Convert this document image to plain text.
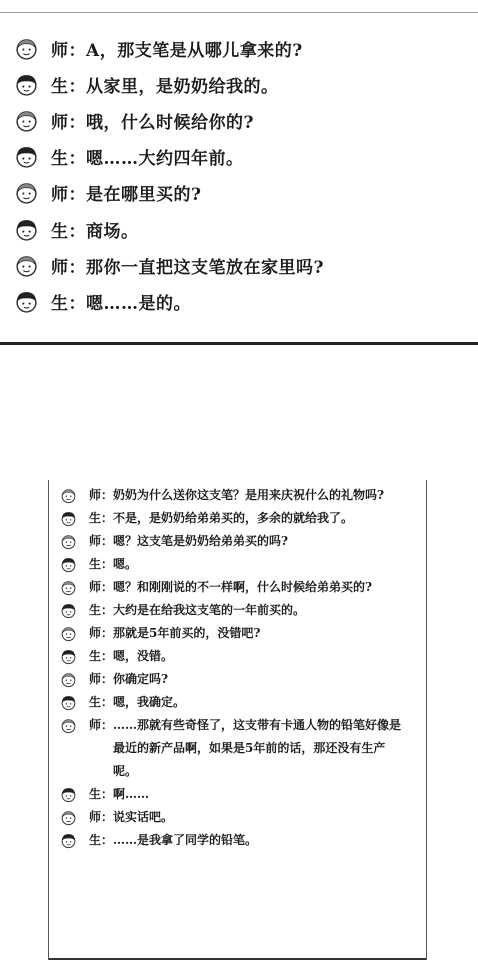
师： A，那支笔是从哪儿拿来的?
生： 从家里，是奶奶给我的。
师： 哦，什么时候给你的?
生： 嗯……大约四年前。
师： 是在哪里买的?
生： 商场。
师： 那你一直把这支笔放在家里吗?
生： 嗯……是的。
师： 奶奶为什么送你这支笔？是用来庆祝什么的礼物吗?
生： 不是，是奶奶给弟弟买的，多余的就给我了。
师： 嗯？这支笔是奶奶给弟弟买的吗?
生： 嗯。
师： 嗯？和刚刚说的不一样啊，什么时候给弟弟买的?
生： 大约是在给我这支笔的一年前买的。
师： 那就是5年前买的，没错吧?
生： 嗯，没错。
师： 你确定吗?
生： 嗯，我确定。
师： ……那就有些奇怪了，这支带有卡通人物的铅笔好像是最近的新产品啊，如果是5年前的话，那还没有生产呢。
生： 啊……
师： 说实话吧。
生： ……是我拿了同学的铅笔。
